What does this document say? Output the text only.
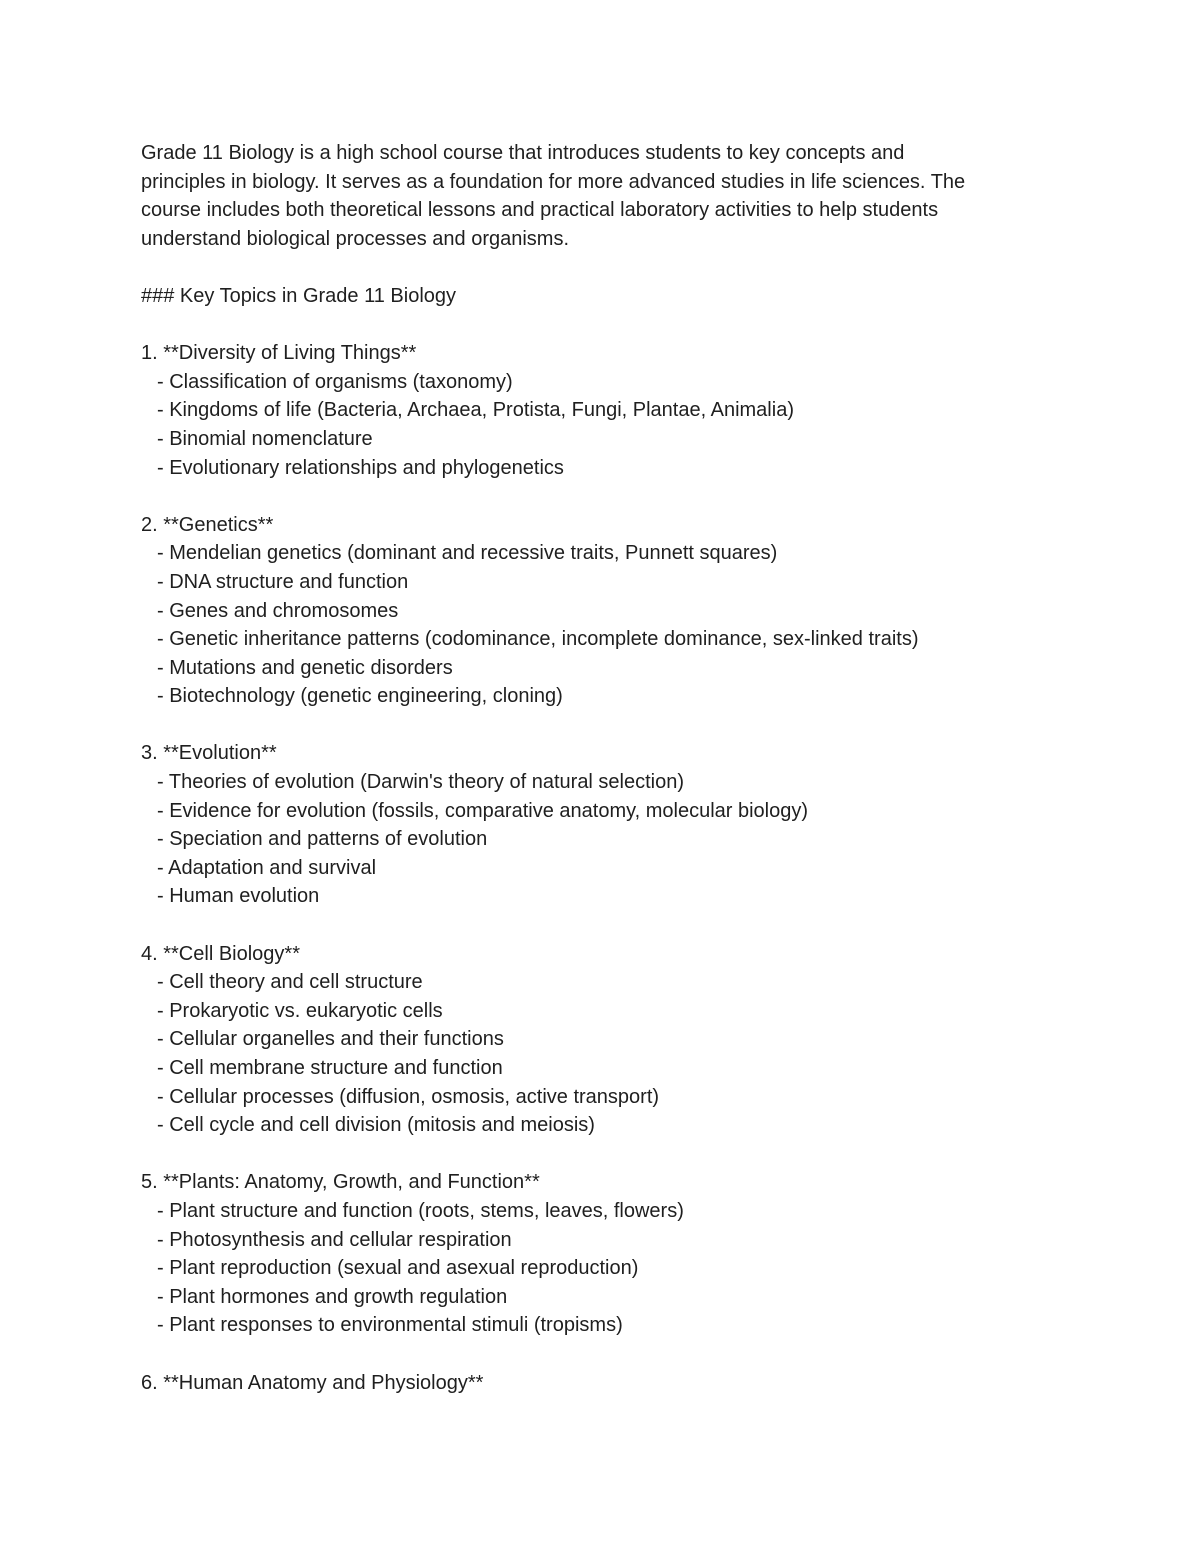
Grade 11 Biology is a high school course that introduces students to key concepts and
principles in biology. It serves as a foundation for more advanced studies in life sciences. The
course includes both theoretical lessons and practical laboratory activities to help students
understand biological processes and organisms.
### Key Topics in Grade 11 Biology
1. **Diversity of Living Things**
- Classification of organisms (taxonomy)
- Kingdoms of life (Bacteria, Archaea, Protista, Fungi, Plantae, Animalia)
- Binomial nomenclature
- Evolutionary relationships and phylogenetics
2. **Genetics**
- Mendelian genetics (dominant and recessive traits, Punnett squares)
- DNA structure and function
- Genes and chromosomes
- Genetic inheritance patterns (codominance, incomplete dominance, sex-linked traits)
- Mutations and genetic disorders
- Biotechnology (genetic engineering, cloning)
3. **Evolution**
- Theories of evolution (Darwin's theory of natural selection)
- Evidence for evolution (fossils, comparative anatomy, molecular biology)
- Speciation and patterns of evolution
- Adaptation and survival
- Human evolution
4. **Cell Biology**
- Cell theory and cell structure
- Prokaryotic vs. eukaryotic cells
- Cellular organelles and their functions
- Cell membrane structure and function
- Cellular processes (diffusion, osmosis, active transport)
- Cell cycle and cell division (mitosis and meiosis)
5. **Plants: Anatomy, Growth, and Function**
- Plant structure and function (roots, stems, leaves, flowers)
- Photosynthesis and cellular respiration
- Plant reproduction (sexual and asexual reproduction)
- Plant hormones and growth regulation
- Plant responses to environmental stimuli (tropisms)
6. **Human Anatomy and Physiology**
